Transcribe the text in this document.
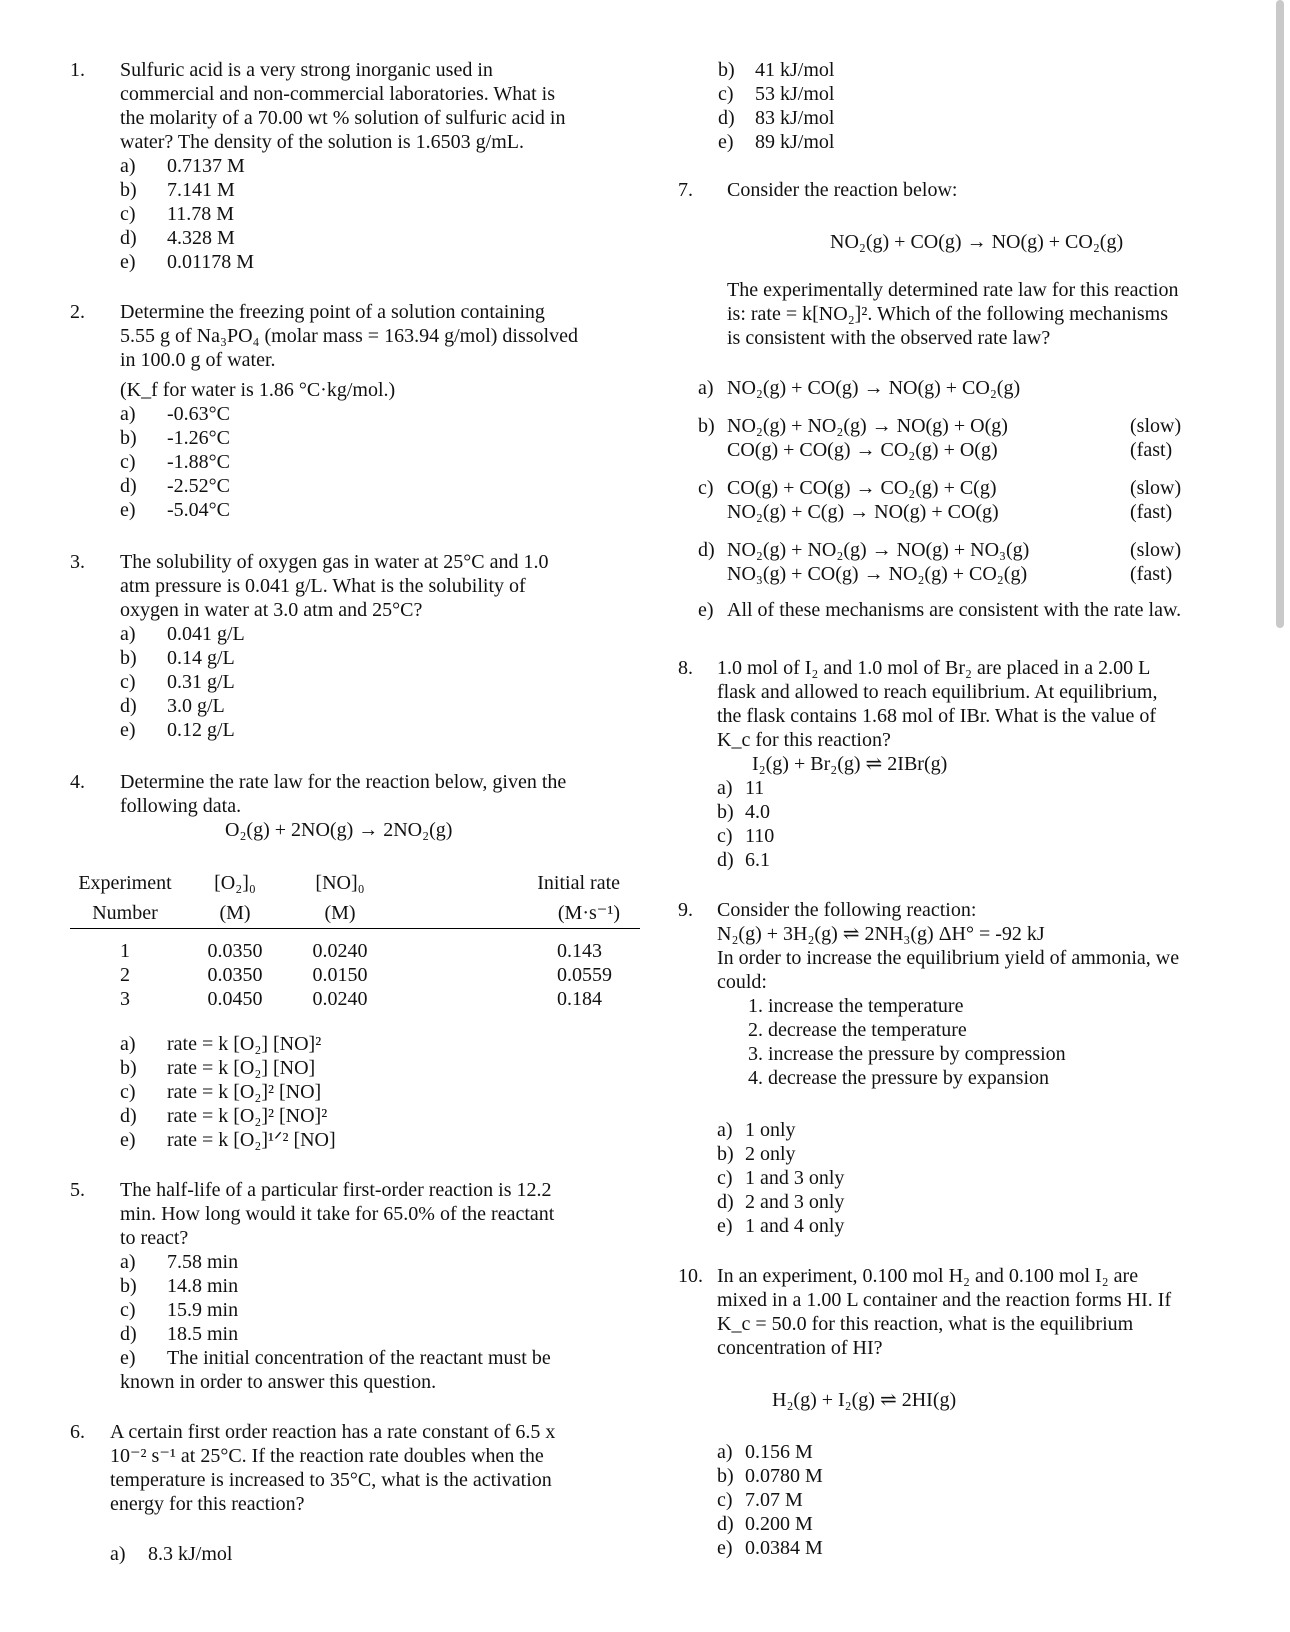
1. Sulfuric acid is a very strong inorganic used in
commercial and non-commercial laboratories. What is
the molarity of a 70.00 wt % solution of sulfuric acid in
water? The density of the solution is 1.6503 g/mL.
a) 0.7137 M
b) 7.141 M
c) 11.78 M
d) 4.328 M
e) 0.01178 M
2. Determine the freezing point of a solution containing
5.55 g of Na₃PO₄ (molar mass = 163.94 g/mol) dissolved
in 100.0 g of water.
(K_f for water is 1.86 °C·kg/mol.)
a) -0.63°C
b) -1.26°C
c) -1.88°C
d) -2.52°C
e) -5.04°C
3. The solubility of oxygen gas in water at 25°C and 1.0
atm pressure is 0.041 g/L. What is the solubility of
oxygen in water at 3.0 atm and 25°C?
a) 0.041 g/L
b) 0.14 g/L
c) 0.31 g/L
d) 3.0 g/L
e) 0.12 g/L
4. Determine the rate law for the reaction below, given the
following data.
O₂(g) + 2NO(g) → 2NO₂(g)
Experiment	[O₂]₀	[NO]₀	Initial rate
Number	(M)	(M)	(M·s⁻¹)
1	0.0350	0.0240	0.143
2	0.0350	0.0150	0.0559
3	0.0450	0.0240	0.184
a) rate = k [O₂] [NO]²
b) rate = k [O₂] [NO]
c) rate = k [O₂]² [NO]
d) rate = k [O₂]² [NO]²
e) rate = k [O₂]¹ᐟ² [NO]
5. The half-life of a particular first-order reaction is 12.2
min. How long would it take for 65.0% of the reactant
to react?
a) 7.58 min
b) 14.8 min
c) 15.9 min
d) 18.5 min
e) The initial concentration of the reactant must be
known in order to answer this question.
6. A certain first order reaction has a rate constant of 6.5 x
10⁻² s⁻¹ at 25°C. If the reaction rate doubles when the
temperature is increased to 35°C, what is the activation
energy for this reaction?
a) 8.3 kJ/mol
b) 41 kJ/mol
c) 53 kJ/mol
d) 83 kJ/mol
e) 89 kJ/mol
7. Consider the reaction below:
NO₂(g) + CO(g) → NO(g) + CO₂(g)
The experimentally determined rate law for this reaction
is: rate = k[NO₂]². Which of the following mechanisms
is consistent with the observed rate law?
a) NO₂(g) + CO(g) → NO(g) + CO₂(g)
b) NO₂(g) + NO₂(g) → NO(g) + O(g)	(slow)
CO(g) + CO(g) → CO₂(g) + O(g)	(fast)
c) CO(g) + CO(g) → CO₂(g) + C(g)	(slow)
NO₂(g) + C(g) → NO(g) + CO(g)	(fast)
d) NO₂(g) + NO₂(g) → NO(g) + NO₃(g)	(slow)
NO₃(g) + CO(g) → NO₂(g) + CO₂(g)	(fast)
e) All of these mechanisms are consistent with the rate law.
8. 1.0 mol of I₂ and 1.0 mol of Br₂ are placed in a 2.00 L
flask and allowed to reach equilibrium. At equilibrium,
the flask contains 1.68 mol of IBr. What is the value of
K_c for this reaction?
I₂(g) + Br₂(g) ⇌ 2IBr(g)
a) 11
b) 4.0
c) 110
d) 6.1
9. Consider the following reaction:
N₂(g) + 3H₂(g) ⇌ 2NH₃(g) ΔH° = -92 kJ
In order to increase the equilibrium yield of ammonia, we
could:
1. increase the temperature
2. decrease the temperature
3. increase the pressure by compression
4. decrease the pressure by expansion
a) 1 only
b) 2 only
c) 1 and 3 only
d) 2 and 3 only
e) 1 and 4 only
10. In an experiment, 0.100 mol H₂ and 0.100 mol I₂ are
mixed in a 1.00 L container and the reaction forms HI. If
K_c = 50.0 for this reaction, what is the equilibrium
concentration of HI?
H₂(g) + I₂(g) ⇌ 2HI(g)
a) 0.156 M
b) 0.0780 M
c) 7.07 M
d) 0.200 M
e) 0.0384 M
